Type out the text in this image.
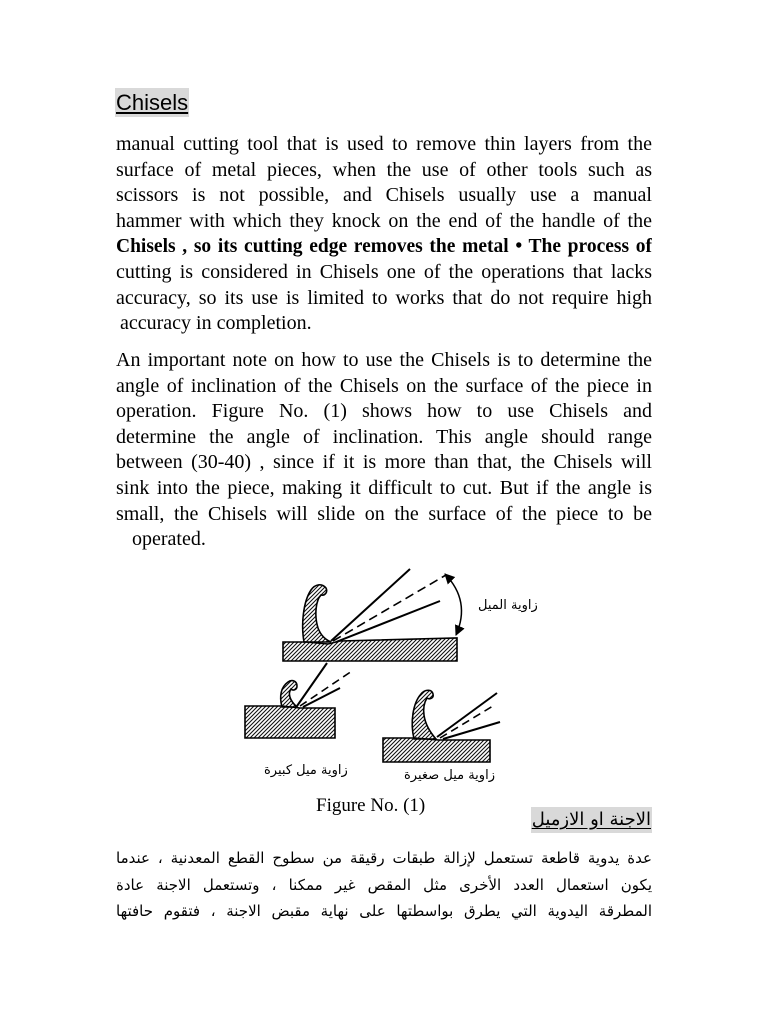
Chisels
manual cutting tool that is used to remove thin layers from the
surface of metal pieces, when the use of other tools such as
scissors is not possible, and Chisels usually use a manual
hammer with which they knock on the end of the handle of the
Chisels , so its cutting edge removes the metal • The process of
cutting is considered in Chisels one of the operations that lacks
accuracy, so its use is limited to works that do not require high
accuracy in completion.
An important note on how to use the Chisels is to determine the
angle of inclination of the Chisels on the surface of the piece in
operation. Figure No. (1) shows how to use Chisels and
determine the angle of inclination. This angle should range
between (30-40) , since if it is more than that, the Chisels will
sink into the piece, making it difficult to cut. But if the angle is
small, the Chisels will slide on the surface of the piece to be
operated.
زاوية الميل
زاوية ميل كبيرة	زاوية ميل صغيرة
Figure No. (1)
الاجنة او الازميل
عدة يدوية قاطعة تستعمل لإزالة طبقات رقيقة من سطوح القطع المعدنية ، عندما
يكون استعمال العدد الأخرى مثل المقص غير ممكنا ، وتستعمل الاجنة عادة
المطرقة اليدوية التي يطرق بواسطتها على نهاية مقبض الاجنة ، فتقوم حافتها
